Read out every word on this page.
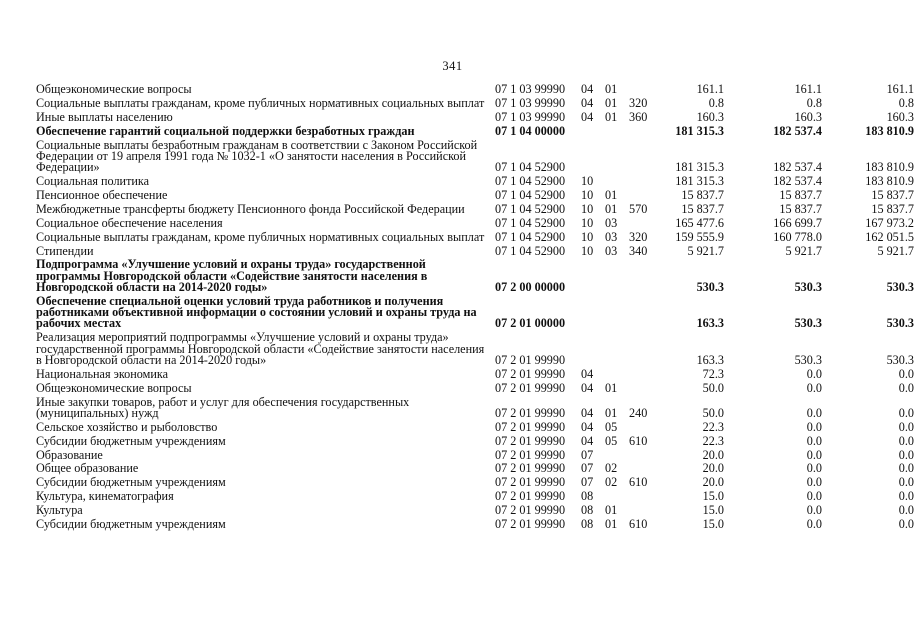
341
Общеэкономические вопросы	07 1 03 99990	04 01	161.1	161.1	161.1
Социальные выплаты гражданам, кроме публичных нормативных социальных выплат 07 1 03 99990	04 01 320	0.8	0.8	0.8
Иные выплаты населению	07 1 03 99990	04 01 360	160.3	160.3	160.3
Обеспечение гарантий социальной поддержки безработных граждан	07 1 04 00000	181 315.3	182 537.4	183 810.9
Социальные выплаты безработным гражданам в соответствии с Законом Российской Федерации от 19 апреля 1991 года № 1032-1 «О занятости населения в Российской Федерации»	07 1 04 52900	181 315.3	182 537.4	183 810.9
Социальная политика	07 1 04 52900	10	181 315.3	182 537.4	183 810.9
Пенсионное обеспечение	07 1 04 52900	10 01	15 837.7	15 837.7	15 837.7
Межбюджетные трансферты бюджету Пенсионного фонда Российской Федерации	07 1 04 52900	10 01 570	15 837.7	15 837.7	15 837.7
Социальное обеспечение населения	07 1 04 52900	10 03	165 477.6	166 699.7	167 973.2
Социальные выплаты гражданам, кроме публичных нормативных социальных выплат 07 1 04 52900	10 03 320	159 555.9	160 778.0	162 051.5
Стипендии	07 1 04 52900	10 03 340	5 921.7	5 921.7	5 921.7
Подпрограмма «Улучшение условий и охраны труда» государственной программы Новгородской области «Содействие занятости населения в Новгородской области на 2014-2020 годы»	07 2 00 00000	530.3	530.3	530.3
Обеспечение специальной оценки условий труда работников и получения работниками объективной информации о состоянии условий и охраны труда на рабочих местах	07 2 01 00000	163.3	530.3	530.3
Реализация мероприятий подпрограммы «Улучшение условий и охраны труда» государственной программы Новгородской области «Содействие занятости населения в Новгородской области на 2014-2020 годы»	07 2 01 99990	163.3	530.3	530.3
Национальная экономика	07 2 01 99990	04	72.3	0.0	0.0
Общеэкономические вопросы	07 2 01 99990	04 01	50.0	0.0	0.0
Иные закупки товаров, работ и услуг для обеспечения государственных (муниципальных) нужд	07 2 01 99990	04 01 240	50.0	0.0	0.0
Сельское хозяйство и рыболовство	07 2 01 99990	04 05	22.3	0.0	0.0
Субсидии бюджетным учреждениям	07 2 01 99990	04 05 610	22.3	0.0	0.0
Образование	07 2 01 99990	07	20.0	0.0	0.0
Общее образование	07 2 01 99990	07 02	20.0	0.0	0.0
Субсидии бюджетным учреждениям	07 2 01 99990	07 02 610	20.0	0.0	0.0
Культура, кинематография	07 2 01 99990	08	15.0	0.0	0.0
Культура	07 2 01 99990	08 01	15.0	0.0	0.0
Субсидии бюджетным учреждениям	07 2 01 99990	08 01 610	15.0	0.0	0.0
